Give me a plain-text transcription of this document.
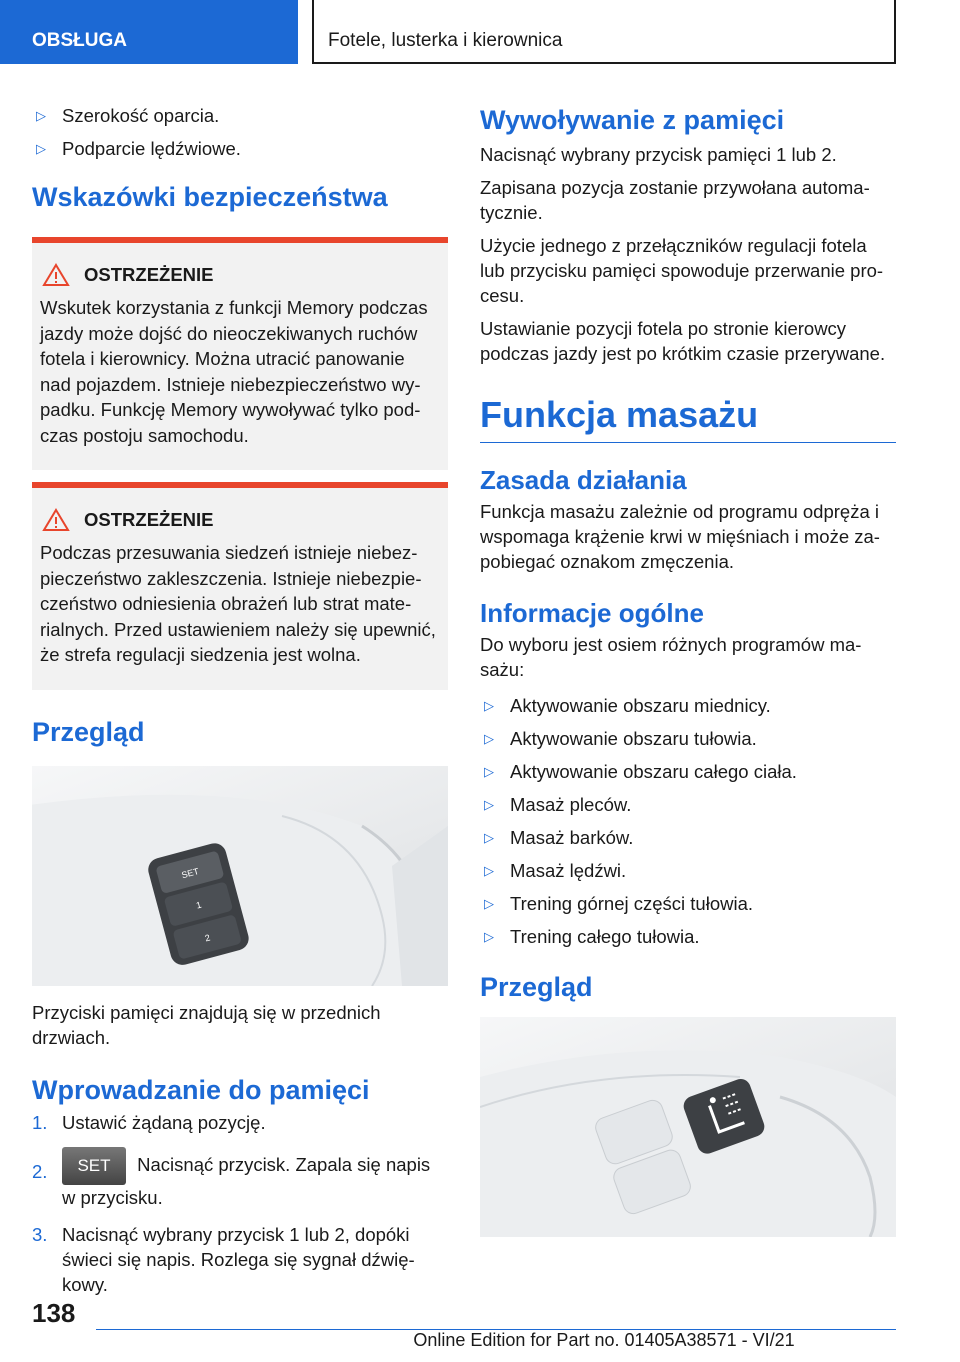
OBSŁUGA	Fotele, lusterka i kierownica
▷ Szerokość oparcia.
▷ Podparcie lędźwiowe.
Wskazówki bezpieczeństwa
OSTRZEŻENIE

Wskutek korzystania z funkcji Memory podczas jazdy może dojść do nieoczekiwanych ruchów fotela i kierownicy. Można utracić panowanie nad pojazdem. Istnieje niebezpieczeństwo wypadku. Funkcję Memory wywoływać tylko podczas postoju samochodu.

OSTRZEŻENIE

Podczas przesuwania siedzeń istnieje niebezpieczeństwo zakleszczenia. Istnieje niebezpieczeństwo odniesienia obrażeń lub strat materialnych. Przed ustawieniem należy się upewnić, że strefa regulacji siedzenia jest wolna.

Przegląd
SET
1
2

Przyciski pamięci znajdują się w przednich drzwiach.

Wprowadzanie do pamięci
1. Ustawić żądaną pozycję.
2. SET Nacisnąć przycisk. Zapala się napis w przycisku.
3. Nacisnąć wybrany przycisk 1 lub 2, dopóki świeci się napis. Rozlega się sygnał dźwiękowy.
Wywoływanie z pamięci

Nacisnąć wybrany przycisk pamięci 1 lub 2.

Zapisana pozycja zostanie przywołana automatycznie.

Użycie jednego z przełączników regulacji fotela lub przycisku pamięci spowoduje przerwanie procesu.

Ustawianie pozycji fotela po stronie kierowcy podczas jazdy jest po krótkim czasie przerywane.

Funkcja masażu
Zasada działania

Funkcja masażu zależnie od programu odpręża i wspomaga krążenie krwi w mięśniach i może zapobiegać oznakom zmęczenia.

Informacje ogólne

Do wyboru jest osiem różnych programów masażu:

▷ Aktywowanie obszaru miednicy.
▷ Aktywowanie obszaru tułowia.
▷ Aktywowanie obszaru całego ciała.
▷ Masaż pleców.
▷ Masaż barków.
▷ Masaż lędźwi.
▷ Trening górnej części tułowia.
▷ Trening całego tułowia.
Przegląd
138
Online Edition for Part no. 01405A38571 - VI/21
